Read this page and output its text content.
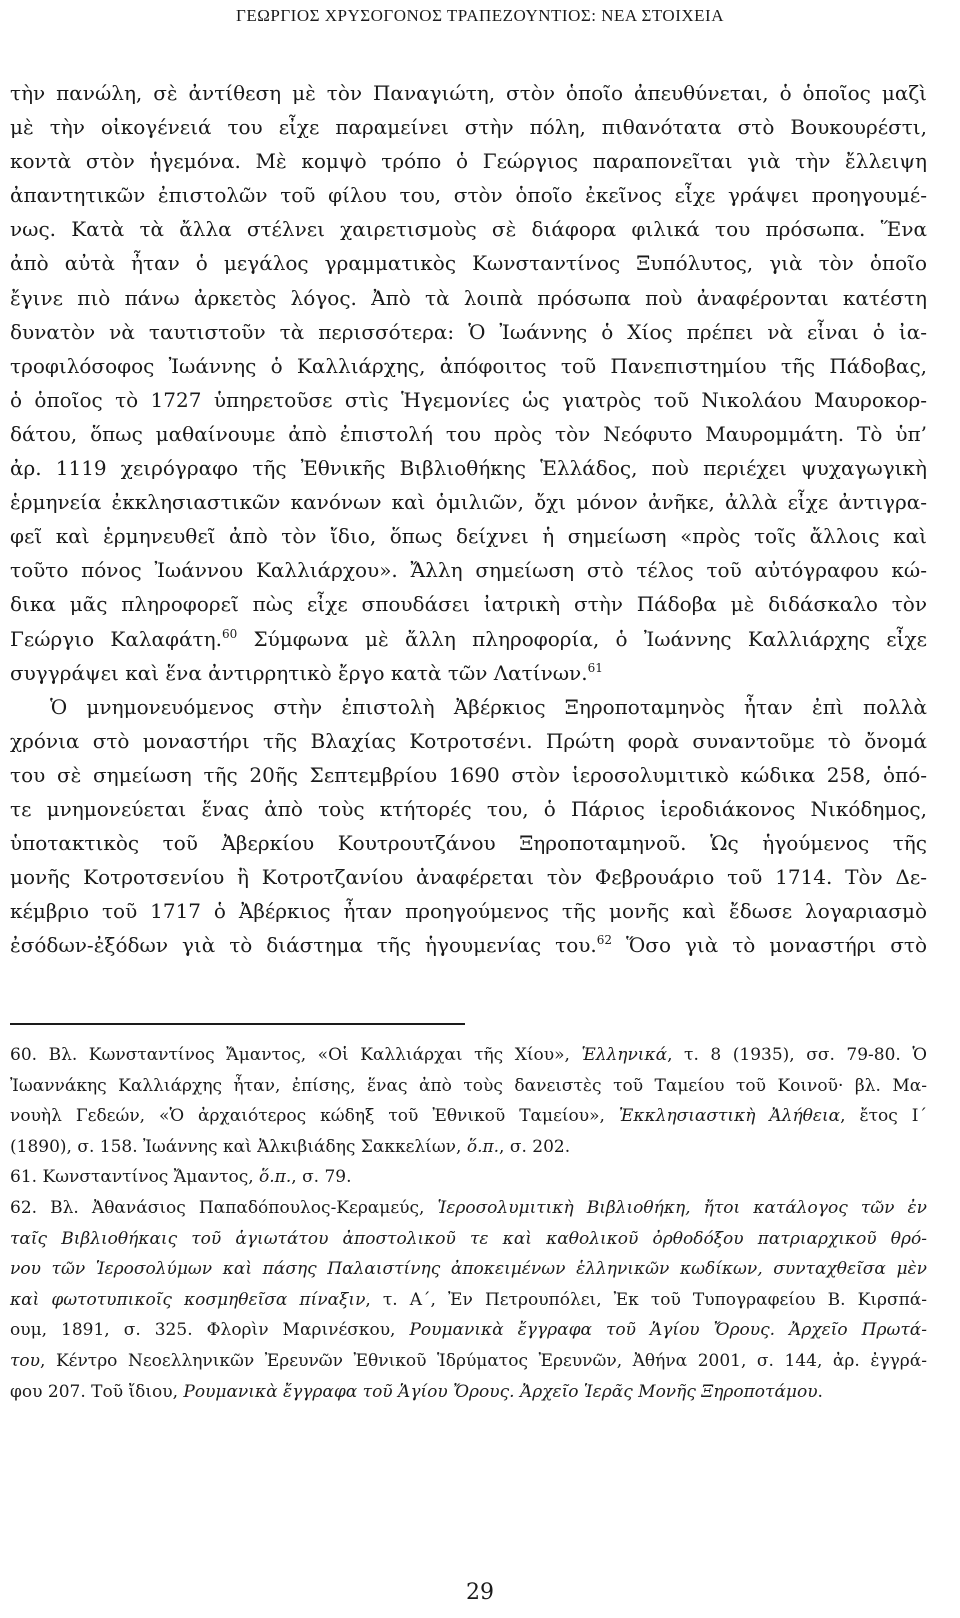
ΓΕΩΡΓΙΟΣ ΧΡΥΣΟΓΟΝΟΣ ΤΡΑΠΕΖΟΥΝΤΙΟΣ: ΝΕΑ ΣΤΟΙΧΕΙΑ
τὴν πανώλη, σὲ ἀντίθεση μὲ τὸν Παναγιώτη, στὸν ὁποῖο ἀπευθύνεται, ὁ ὁποῖος μαζὶ
μὲ τὴν οἰκογένειά του εἶχε παραμείνει στὴν πόλη, πιθανότατα στὸ Βουκουρέστι,
κοντὰ στὸν ἡγεμόνα. Μὲ κομψὸ τρόπο ὁ Γεώργιος παραπονεῖται γιὰ τὴν ἔλλειψη
ἀπαντητικῶν ἐπιστολῶν τοῦ φίλου του, στὸν ὁποῖο ἐκεῖνος εἶχε γράψει προηγουμέ-
νως. Κατὰ τὰ ἄλλα στέλνει χαιρετισμοὺς σὲ διάφορα φιλικά του πρόσωπα. Ἕνα
ἀπὸ αὐτὰ ἦταν ὁ μεγάλος γραμματικὸς Κωνσταντίνος Ξυπόλυτος, γιὰ τὸν ὁποῖο
ἔγινε πιὸ πάνω ἀρκετὸς λόγος. Ἀπὸ τὰ λοιπὰ πρόσωπα ποὺ ἀναφέρονται κατέστη
δυνατὸν νὰ ταυτιστοῦν τὰ περισσότερα: Ὁ Ἰωάννης ὁ Χίος πρέπει νὰ εἶναι ὁ ἰα-
τροφιλόσοφος Ἰωάννης ὁ Καλλιάρχης, ἀπόφοιτος τοῦ Πανεπιστημίου τῆς Πάδοβας,
ὁ ὁποῖος τὸ 1727 ὑπηρετοῦσε στὶς Ἡγεμονίες ὡς γιατρὸς τοῦ Νικολάου Μαυροκορ-
δάτου, ὅπως μαθαίνουμε ἀπὸ ἐπιστολή του πρὸς τὸν Νεόφυτο Μαυρομμάτη. Τὸ ὑπ’
ἀρ. 1119 χειρόγραφο τῆς Ἐθνικῆς Βιβλιοθήκης Ἑλλάδος, ποὺ περιέχει ψυχαγωγικὴ
ἑρμηνεία ἐκκλησιαστικῶν κανόνων καὶ ὁμιλιῶν, ὄχι μόνον ἀνῆκε, ἀλλὰ εἶχε ἀντιγρα-
φεῖ καὶ ἑρμηνευθεῖ ἀπὸ τὸν ἴδιο, ὅπως δείχνει ἡ σημείωση «πρὸς τοῖς ἄλλοις καὶ
τοῦτο πόνος Ἰωάννου Καλλιάρχου». Ἄλλη σημείωση στὸ τέλος τοῦ αὐτόγραφου κώ-
δικα μᾶς πληροφορεῖ πὼς εἶχε σπουδάσει ἰατρικὴ στὴν Πάδοβα μὲ διδάσκαλο τὸν
Γεώργιο Καλαφάτη.$^{60}$ Σύμφωνα μὲ ἄλλη πληροφορία, ὁ Ἰωάννης Καλλιάρχης εἶχε
συγγράψει καὶ ἕνα ἀντιρρητικὸ ἔργο κατὰ τῶν Λατίνων.$^{61}$
Ὁ μνημονευόμενος στὴν ἐπιστολὴ Ἀβέρκιος Ξηροποταμηνὸς ἦταν ἐπὶ πολλὰ
χρόνια στὸ μοναστήρι τῆς Βλαχίας Κοτροτσένι. Πρώτη φορὰ συναντοῦμε τὸ ὄνομά
του σὲ σημείωση τῆς 20ῆς Σεπτεμβρίου 1690 στὸν ἱεροσολυμιτικὸ κώδικα 258, ὁπό-
τε μνημονεύεται ἕνας ἀπὸ τοὺς κτήτορές του, ὁ Πάριος ἱεροδιάκονος Νικόδημος,
ὑποτακτικὸς τοῦ Ἀβερκίου Κουτρουτζάνου Ξηροποταμηνοῦ. Ὡς ἡγούμενος τῆς
μονῆς Κοτροτσενίου ἢ Κοτροτζανίου ἀναφέρεται τὸν Φεβρουάριο τοῦ 1714. Τὸν Δε-
κέμβριο τοῦ 1717 ὁ Ἀβέρκιος ἦταν προηγούμενος τῆς μονῆς καὶ ἔδωσε λογαριασμὸ
ἐσόδων-ἐξόδων γιὰ τὸ διάστημα τῆς ἡγουμενίας του.$^{62}$ Ὅσο γιὰ τὸ μοναστήρι στὸ
60. Βλ. Κωνσταντίνος Ἄμαντος, «Οἱ Καλλιάρχαι τῆς Χίου», Ἑλληνικά, τ. 8 (1935), σσ. 79-80. Ὁ
Ἰωαννάκης Καλλιάρχης ἦταν, ἐπίσης, ἕνας ἀπὸ τοὺς δανειστὲς τοῦ Ταμείου τοῦ Κοινοῦ· βλ. Μα-
νουὴλ Γεδεών, «Ὁ ἀρχαιότερος κώδηξ τοῦ Ἐθνικοῦ Ταμείου», Ἐκκλησιαστικὴ Ἀλήθεια, ἔτος Ι´
(1890), σ. 158. Ἰωάννης καὶ Ἀλκιβιάδης Σακκελίων, ὅ.π., σ. 202.
61. Κωνσταντίνος Ἄμαντος, ὅ.π., σ. 79.
62. Βλ. Ἀθανάσιος Παπαδόπουλος-Κεραμεύς, Ἱεροσολυμιτικὴ Βιβλιοθήκη, ἤτοι κατάλογος τῶν ἐν
ταῖς Βιβλιοθήκαις τοῦ ἁγιωτάτου ἀποστολικοῦ τε καὶ καθολικοῦ ὀρθοδόξου πατριαρχικοῦ θρό-
νου τῶν Ἱεροσολύμων καὶ πάσης Παλαιστίνης ἀποκειμένων ἑλληνικῶν κωδίκων, συνταχθεῖσα μὲν
καὶ φωτοτυπικοῖς κοσμηθεῖσα πίναξιν, τ. Α´, Ἐν Πετρουπόλει, Ἐκ τοῦ Τυπογραφείου Β. Κιρσπά-
ουμ, 1891, σ. 325. Φλορὶν Μαρινέσκου, Ρουμανικὰ ἔγγραφα τοῦ Ἁγίου Ὄρους. Ἀρχεῖο Πρωτά-
του, Κέντρο Νεοελληνικῶν Ἐρευνῶν Ἐθνικοῦ Ἱδρύματος Ἐρευνῶν, Ἀθήνα 2001, σ. 144, ἀρ. ἐγγρά-
φου 207. Τοῦ ἴδιου, Ρουμανικὰ ἔγγραφα τοῦ Ἁγίου Ὄρους. Ἀρχεῖο Ἱερᾶς Μονῆς Ξηροποτάμου.
29
